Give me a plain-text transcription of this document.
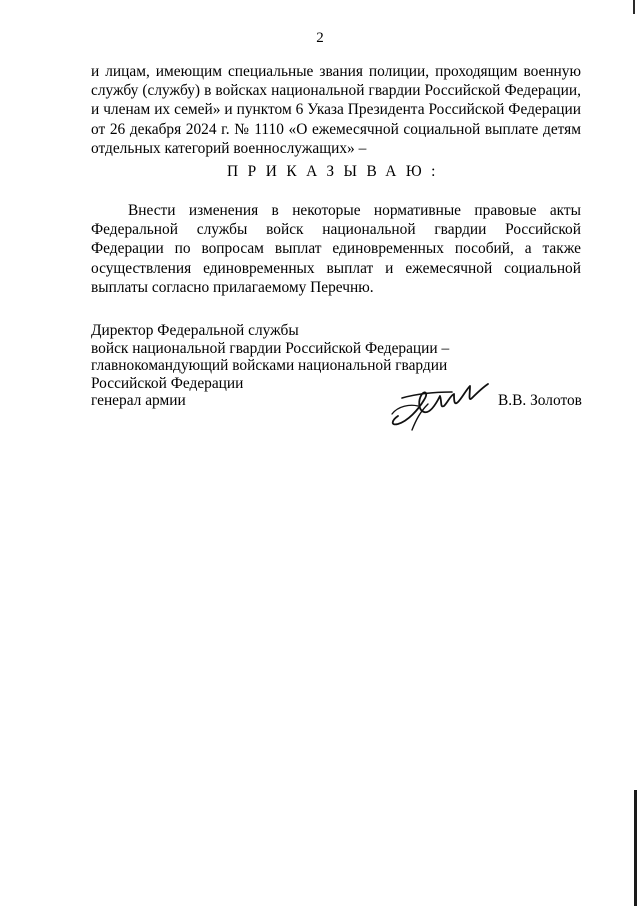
2
и лицам, имеющим специальные звания полиции, проходящим военную службу (службу) в войсках национальной гвардии Российской Федерации, и членам их семей» и пунктом 6 Указа Президента Российской Федерации от 26 декабря 2024 г. № 1110 «О ежемесячной социальной выплате детям отдельных категорий военнослужащих» –
ПРИКАЗЫВАЮ:
Внести изменения в некоторые нормативные правовые акты Федеральной службы войск национальной гвардии Российской Федерации по вопросам выплат единовременных пособий, а также осуществления единовременных выплат и ежемесячной социальной выплаты согласно прилагаемому Перечню.
Директор Федеральной службы
войск национальной гвардии Российской Федерации –
главнокомандующий войсками национальной гвардии
Российской Федерации
генерал армии	В.В. Золотов
